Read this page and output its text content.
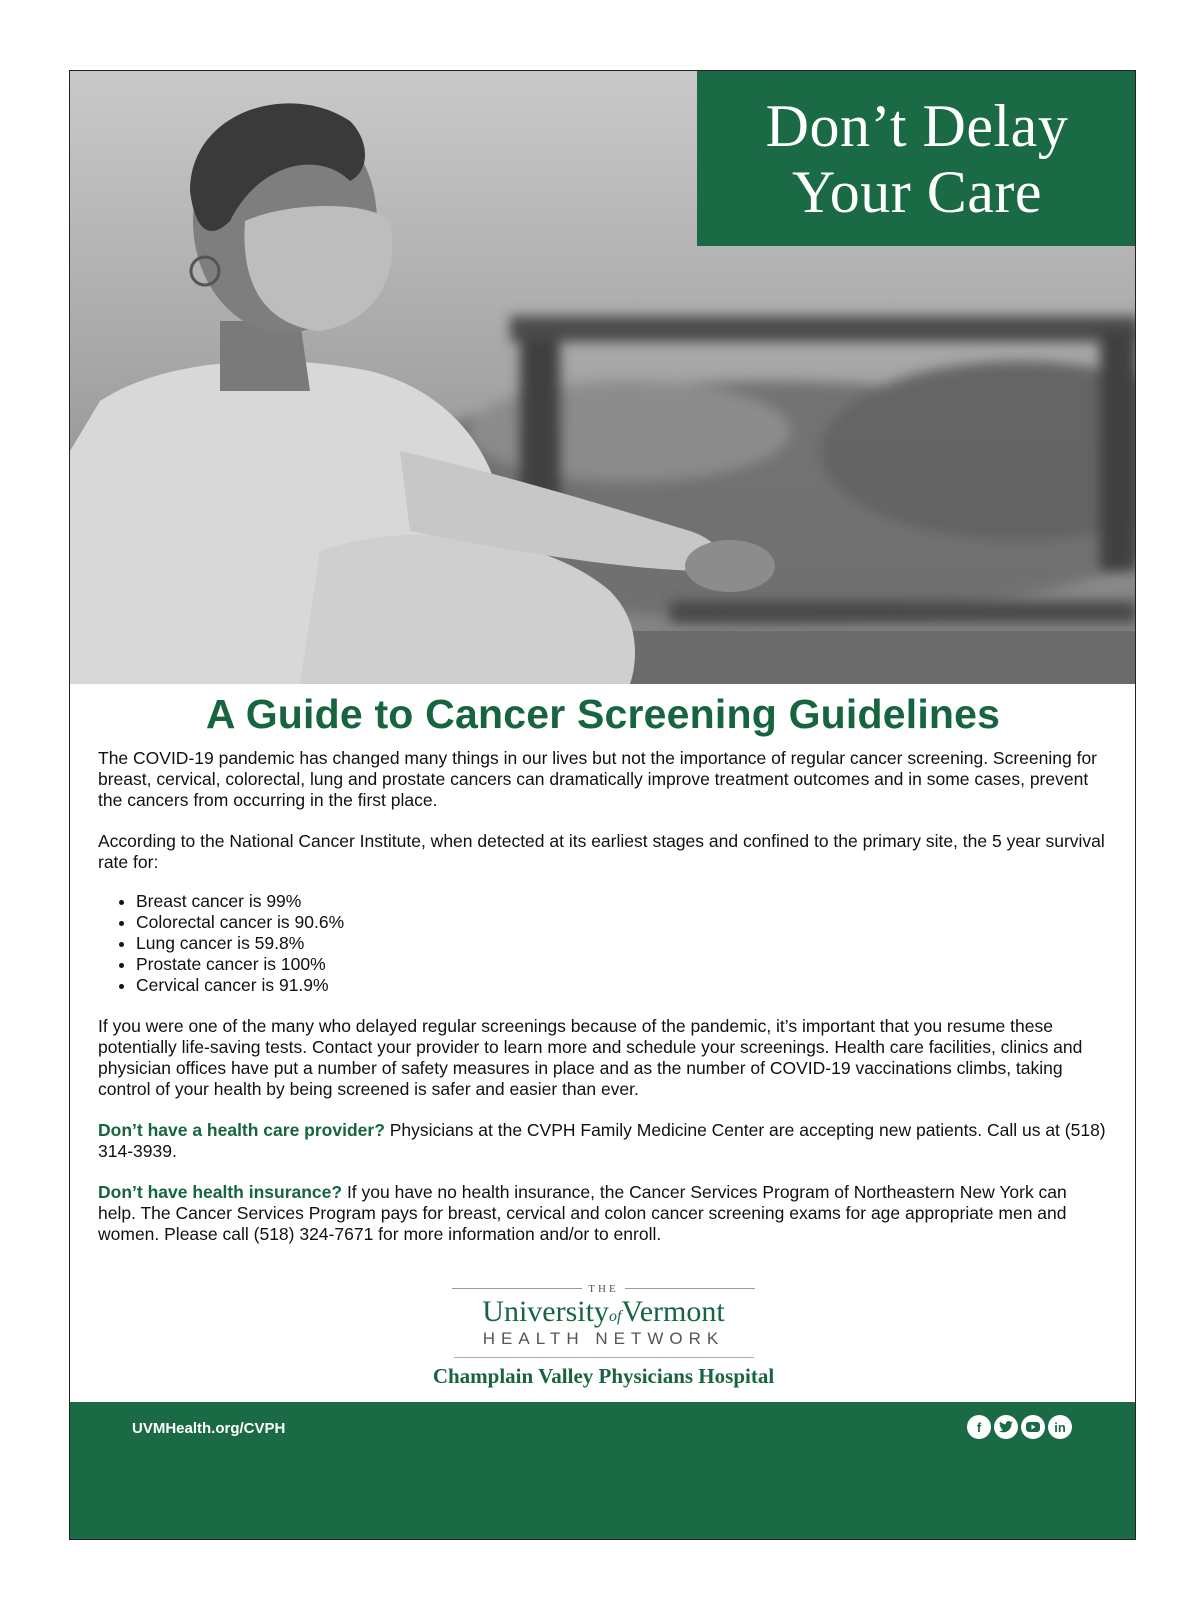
Don’t Delay
Your Care
A Guide to Cancer Screening Guidelines

The COVID-19 pandemic has changed many things in our lives but not the importance of regular cancer screening. Screening for breast, cervical, colorectal, lung and prostate cancers can dramatically improve treatment outcomes and in some cases, prevent the cancers from occurring in the first place.

According to the National Cancer Institute, when detected at its earliest stages and confined to the primary site, the 5 year survival rate for:

• Breast cancer is 99%
• Colorectal cancer is 90.6%
• Lung cancer is 59.8%
• Prostate cancer is 100%
• Cervical cancer is 91.9%

If you were one of the many who delayed regular screenings because of the pandemic, it’s important that you resume these potentially life-saving tests. Contact your provider to learn more and schedule your screenings. Health care facilities, clinics and physician offices have put a number of safety measures in place and as the number of COVID-19 vaccinations climbs, taking control of your health by being screened is safer and easier than ever.

Don’t have a health care provider? Physicians at the CVPH Family Medicine Center are accepting new patients. Call us at (518) 314-3939.

Don’t have health insurance? If you have no health insurance, the Cancer Services Program of Northeastern New York can help. The Cancer Services Program pays for breast, cervical and colon cancer screening exams for age appropriate men and women. Please call (518) 324-7671 for more information and/or to enroll.

THE
UniversityofVermont
HEALTH NETWORK
Champlain Valley Physicians Hospital
UVMHealth.org/CVPH	f	in
